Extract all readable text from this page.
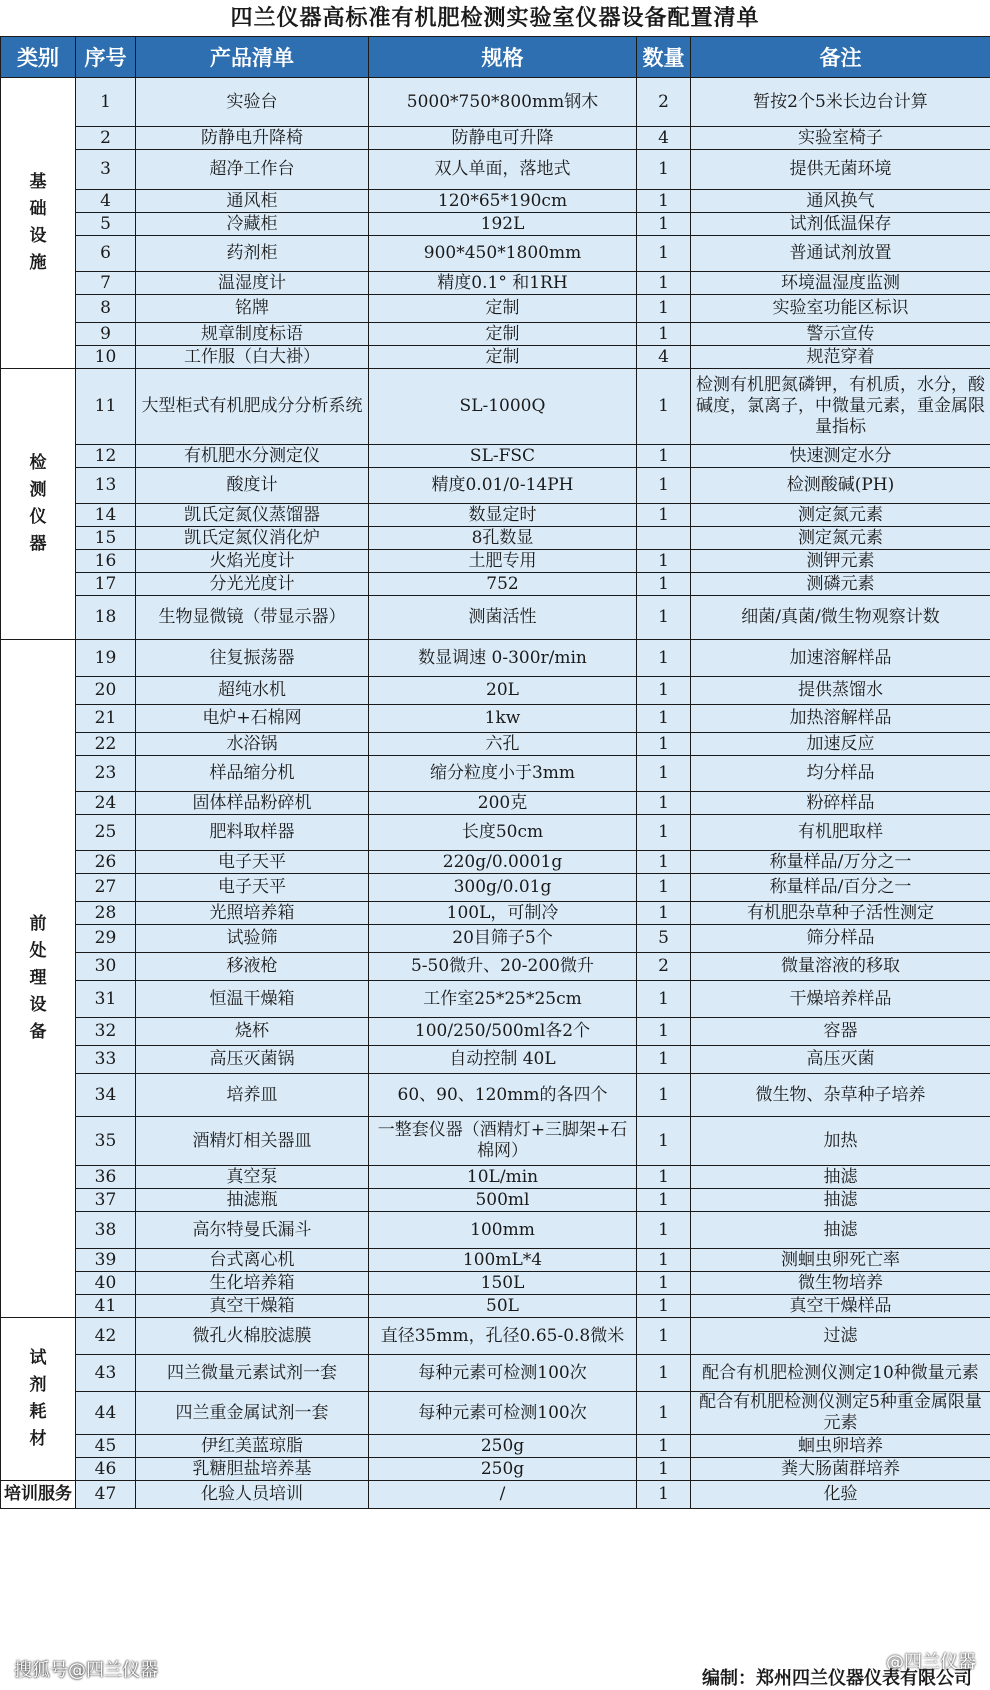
四兰仪器高标准有机肥检测实验室仪器设备配置清单
类别	序号	产品清单	规格	数量	备注
基础设施	1	实验台	5000*750*800mm钢木	2	暂按2个5米长边台计算
	2	防静电升降椅	防静电可升降	4	实验室椅子
	3	超净工作台	双人单面，落地式	1	提供无菌环境
	4	通风柜	120*65*190cm	1	通风换气
	5	冷藏柜	192L	1	试剂低温保存
	6	药剂柜	900*450*1800mm	1	普通试剂放置
	7	温湿度计	精度0.1° 和1RH	1	环境温湿度监测
	8	铭牌	定制	1	实验室功能区标识
	9	规章制度标语	定制	1	警示宣传
	10	工作服（白大褂）	定制	4	规范穿着
检测仪器	11	大型柜式有机肥成分分析系统	SL-1000Q	1	检测有机肥氮磷钾，有机质，水分，酸碱度，氯离子，中微量元素，重金属限量指标
	12	有机肥水分测定仪	SL-FSC	1	快速测定水分
	13	酸度计	精度0.01/0-14PH	1	检测酸碱(PH)
	14	凯氏定氮仪蒸馏器	数显定时	1	测定氮元素
	15	凯氏定氮仪消化炉	8孔数显		测定氮元素
	16	火焰光度计	土肥专用	1	测钾元素
	17	分光光度计	752	1	测磷元素
	18	生物显微镜（带显示器）	测菌活性	1	细菌/真菌/微生物观察计数
前处理设备	19	往复振荡器	数显调速 0-300r/min	1	加速溶解样品
	20	超纯水机	20L	1	提供蒸馏水
	21	电炉+石棉网	1kw	1	加热溶解样品
	22	水浴锅	六孔	1	加速反应
	23	样品缩分机	缩分粒度小于3mm	1	均分样品
	24	固体样品粉碎机	200克	1	粉碎样品
	25	肥料取样器	长度50cm	1	有机肥取样
	26	电子天平	220g/0.0001g	1	称量样品/万分之一
	27	电子天平	300g/0.01g	1	称量样品/百分之一
	28	光照培养箱	100L，可制冷	1	有机肥杂草种子活性测定
	29	试验筛	20目筛子5个	5	筛分样品
	30	移液枪	5-50微升、20-200微升	2	微量溶液的移取
	31	恒温干燥箱	工作室25*25*25cm	1	干燥培养样品
	32	烧杯	100/250/500ml各2个	1	容器
	33	高压灭菌锅	自动控制 40L	1	高压灭菌
	34	培养皿	60、90、120mm的各四个	1	微生物、杂草种子培养
	35	酒精灯相关器皿	一整套仪器（酒精灯+三脚架+石棉网）	1	加热
	36	真空泵	10L/min	1	抽滤
	37	抽滤瓶	500ml	1	抽滤
	38	高尔特曼氏漏斗	100mm	1	抽滤
	39	台式离心机	100mL*4	1	测蛔虫卵死亡率
	40	生化培养箱	150L	1	微生物培养
	41	真空干燥箱	50L	1	真空干燥样品
试剂耗材	42	微孔火棉胶滤膜	直径35mm，孔径0.65-0.8微米	1	过滤
	43	四兰微量元素试剂一套	每种元素可检测100次	1	配合有机肥检测仪测定10种微量元素
	44	四兰重金属试剂一套	每种元素可检测100次	1	配合有机肥检测仪测定5种重金属限量元素
	45	伊红美蓝琼脂	250g	1	蛔虫卵培养
	46	乳糖胆盐培养基	250g	1	粪大肠菌群培养
培训服务	47	化验人员培训	/	1	化验
搜狐号@四兰仪器	@四兰仪器
编制：郑州四兰仪器仪表有限公司
